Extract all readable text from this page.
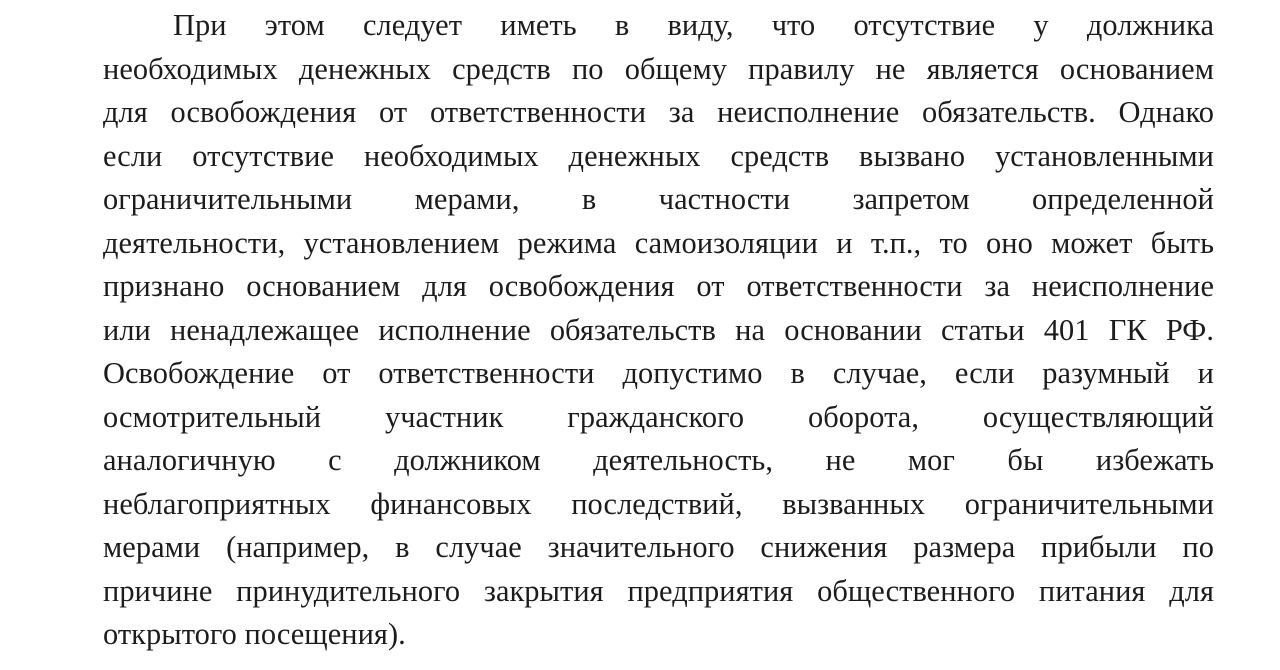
При этом следует иметь в виду, что отсутствие у должника
необходимых денежных средств по общему правилу не является основанием
для освобождения от ответственности за неисполнение обязательств. Однако
если отсутствие необходимых денежных средств вызвано установленными
ограничительными мерами, в частности запретом определенной
деятельности, установлением режима самоизоляции и т.п., то оно может быть
признано основанием для освобождения от ответственности за неисполнение
или ненадлежащее исполнение обязательств на основании статьи 401 ГК РФ.
Освобождение от ответственности допустимо в случае, если разумный и
осмотрительный участник гражданского оборота, осуществляющий
аналогичную с должником деятельность, не мог бы избежать
неблагоприятных финансовых последствий, вызванных ограничительными
мерами (например, в случае значительного снижения размера прибыли по
причине принудительного закрытия предприятия общественного питания для
открытого посещения).
